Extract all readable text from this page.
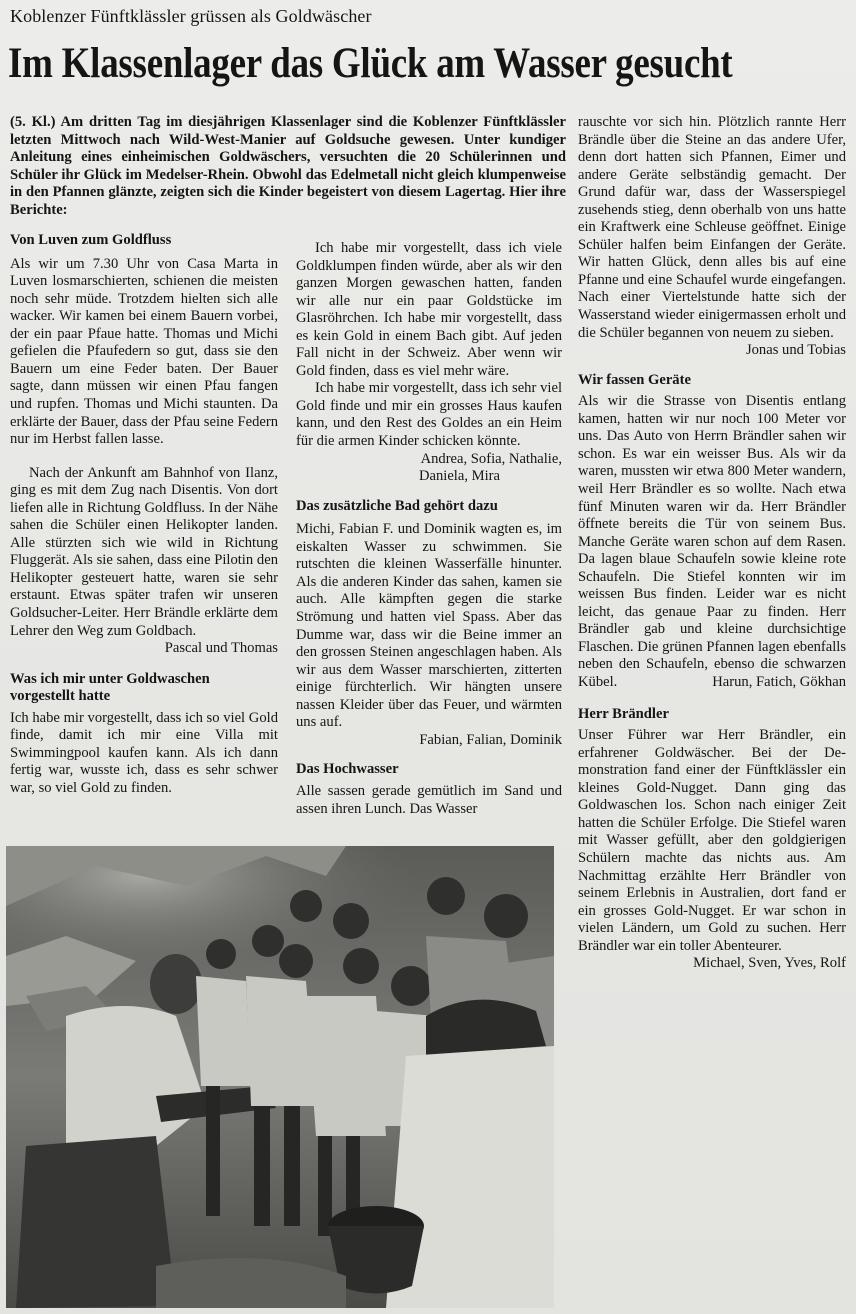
Koblenzer Fünftklässler grüssen als Goldwäscher
Im Klassenlager das Glück am Wasser gesucht
(5. Kl.) Am dritten Tag im diesjährigen Klassenlager sind die Koblenzer Fünftklässler letzten Mittwoch nach Wild-West-Manier auf Goldsuche gewesen. Unter kundiger Anleitung eines einheimischen Goldwäschers, versuchten die 20 Schülerinnen und Schüler ihr Glück im Medelser-Rhein. Obwohl das Edelmetall nicht gleich klumpenweise in den Pfannen glänzte, zeigten sich die Kinder begeistert von diesem Lagertag. Hier ihre Berichte:
Von Luven zum Goldfluss

Als wir um 7.30 Uhr von Casa Marta in Luven losmarschierten, schienen die meisten noch sehr müde. Trotzdem hielten sich alle wacker. Wir kamen bei einem Bauern vorbei, der ein paar Pfaue hatte. Thomas und Michi gefielen die Pfaufedern so gut, dass sie den Bauern um eine Feder baten. Der Bauer sagte, dann müssen wir einen Pfau fangen und rupfen. Thomas und Michi staunten. Da erklärte der Bauer, dass der Pfau seine Federn nur im Herbst fallen lasse.

Nach der Ankunft am Bahnhof von Ilanz, ging es mit dem Zug nach Disentis. Von dort liefen alle in Richtung Goldfluss. In der Nähe sahen die Schüler einen Helikopter landen. Alle stürzten sich wie wild in Richtung Fluggerät. Als sie sahen, dass eine Pilotin den Helikopter gesteuert hatte, waren sie sehr erstaunt. Etwas später trafen wir unseren Goldsucher-Leiter. Herr Brändle erklärte dem Lehrer den Weg zum Goldbach.

Pascal und Thomas
Was ich mir unter Goldwaschen vorgestellt hatte

Ich habe mir vorgestellt, dass ich so viel Gold finde, damit ich mir eine Villa mit Swimmingpool kaufen kann. Als ich dann fertig war, wusste ich, dass es sehr schwer war, so viel Gold zu finden.

Ich habe mir vorgestellt, dass ich viele Goldklumpen finden würde, aber als wir den ganzen Morgen gewaschen hatten, fanden wir alle nur ein paar Goldstücke im Glasröhrchen. Ich habe mir vorgestellt, dass es kein Gold in einem Bach gibt. Auf jeden Fall nicht in der Schweiz. Aber wenn wir Gold finden, dass es viel mehr wäre.

Ich habe mir vorgestellt, dass ich sehr viel Gold finde und mir ein grosses Haus kaufen kann, und den Rest des Goldes an ein Heim für die armen Kinder schicken könnte.

Andrea, Sofia, Nathalie,
Daniela, Mira
Das zusätzliche Bad gehört dazu

Michi, Fabian F. und Dominik wagten es, im eiskalten Wasser zu schwimmen. Sie rutschten die kleinen Wasserfälle hinunter. Als die anderen Kinder das sahen, kamen sie auch. Alle kämpften gegen die starke Strömung und hatten viel Spass. Aber das Dumme war, dass wir die Beine immer an den grossen Steinen angeschlagen haben. Als wir aus dem Wasser marschierten, zitterten einige fürchterlich. Wir hängten unsere nassen Kleider über das Feuer, und wärmten uns auf.

Fabian, Falian, Dominik
Das Hochwasser

Alle sassen gerade gemütlich im Sand und assen ihren Lunch. Das Wasser

rauschte vor sich hin. Plötzlich rannte Herr Brändle über die Steine an das andere Ufer, denn dort hatten sich Pfannen, Eimer und andere Geräte selbständig gemacht. Der Grund dafür war, dass der Wasserspiegel zusehends stieg, denn oberhalb von uns hatte ein Kraftwerk eine Schleuse geöffnet. Einige Schüler halfen beim Einfangen der Geräte. Wir hatten Glück, denn alles bis auf eine Pfanne und eine Schaufel wurde eingefangen. Nach einer Viertelstunde hatte sich der Wasserstand wieder einigermassen erholt und die Schüler begannen von neuem zu sieben.

Jonas und Tobias
Wir fassen Geräte

Als wir die Strasse von Disentis entlang kamen, hatten wir nur noch 100 Meter vor uns. Das Auto von Herrn Brändler sahen wir schon. Es war ein weisser Bus. Als wir da waren, mussten wir etwa 800 Meter wandern, weil Herr Brändler es so wollte. Nach etwa fünf Minuten waren wir da. Herr Brändler öffnete bereits die Tür von seinem Bus. Manche Geräte waren schon auf dem Rasen. Da lagen blaue Schaufeln sowie kleine rote Schaufeln. Die Stiefel konnten wir im weissen Bus finden. Leider war es nicht leicht, das genaue Paar zu finden. Herr Brändler gab und kleine durchsichtige Flaschen. Die grünen Pfannen lagen ebenfalls neben den Schaufeln, ebenso die schwarzen Kübel.	Harun, Fatich, Gökhan
Herr Brändler

Unser Führer war Herr Brändler, ein erfahrener Goldwäscher. Bei der Demonstration fand einer der Fünftklässler ein kleines Gold-Nugget. Dann ging das Goldwaschen los. Schon nach einiger Zeit hatten die Schüler Erfolge. Die Stiefel waren mit Wasser gefüllt, aber den goldgierigen Schülern machte das nichts aus. Am Nachmittag erzählte Herr Brändler von seinem Erlebnis in Australien, dort fand er ein grosses Gold-Nugget. Er war schon in vielen Ländern, um Gold zu suchen. Herr Brändler war ein toller Abenteurer.

Michael, Sven, Yves, Rolf
